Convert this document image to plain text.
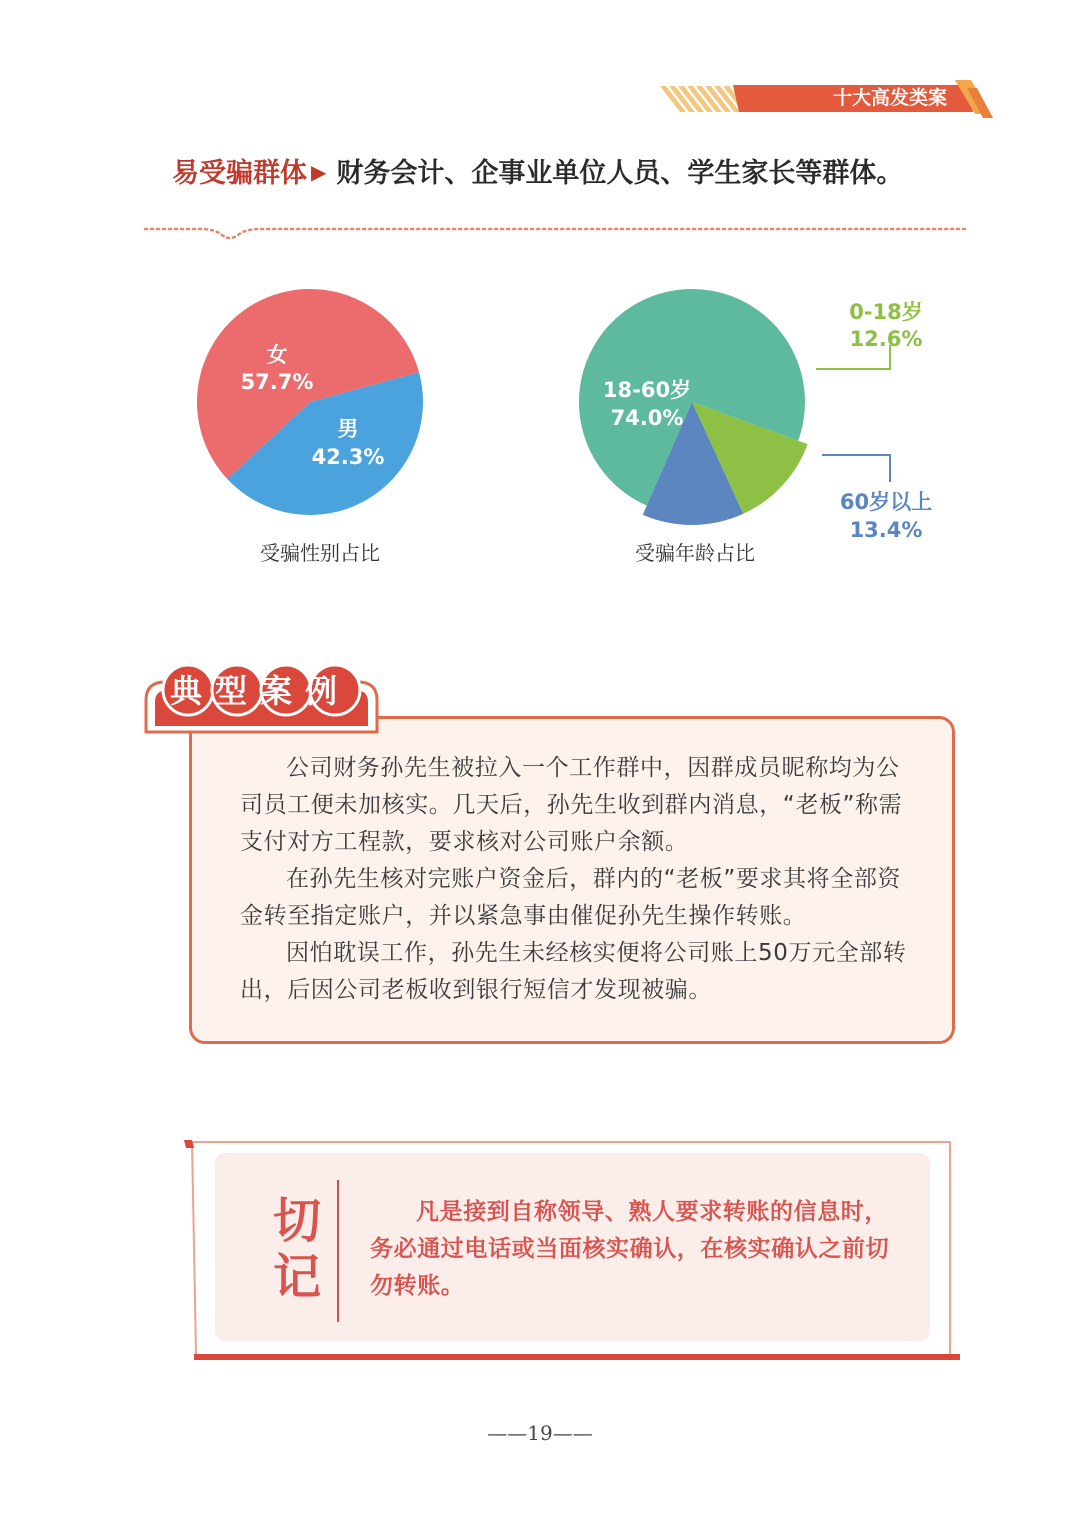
十大高发类案
易受骗群体 ▶ 财务会计、企事业单位人员、学生家长等群体。
女
57.7%
男
42.3%
受骗性别占比
18-60岁
74.0%
0-18岁
12.6%
60岁以上
13.4%
受骗年龄占比
典型案例

公司财务孙先生被拉入一个工作群中，因群成员昵称均为公司员工便未加核实。几天后，孙先生收到群内消息，“老板”称需支付对方工程款，要求核对公司账户余额。

在孙先生核对完账户资金后，群内的“老板”要求其将全部资金转至指定账户，并以紧急事由催促孙先生操作转账。

因怕耽误工作，孙先生未经核实便将公司账上50万元全部转出，后因公司老板收到银行短信才发现被骗。

切
记

凡是接到自称领导、熟人要求转账的信息时，务必通过电话或当面核实确认，在核实确认之前切勿转账。

——19——
